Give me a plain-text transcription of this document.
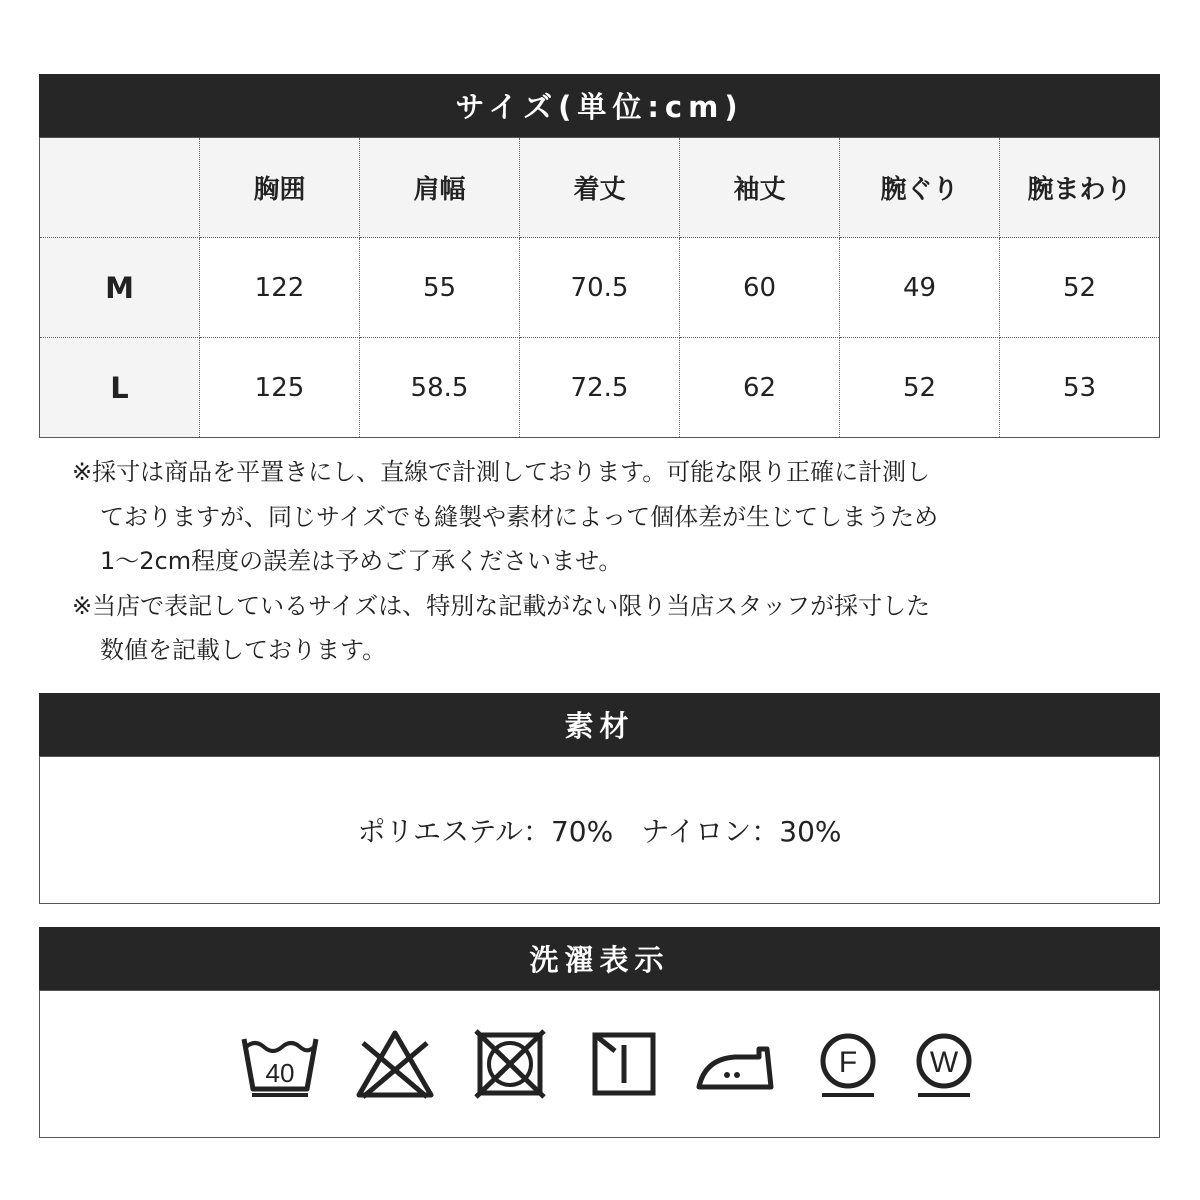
サイズ(単位:cm)
	胸囲	肩幅	着丈	袖丈	腕ぐり	腕まわり
M	122	55	70.5	60	49	52
L	125	58.5	72.5	62	52	53

※採寸は商品を平置きにし、直線で計測しております。可能な限り正確に計測し

ておりますが、同じサイズでも縫製や素材によって個体差が生じてしまうため

1〜2cm程度の誤差は予めご了承くださいませ。

※当店で表記しているサイズは、特別な記載がない限り当店スタッフが採寸した

数値を記載しております。

素材
ポリエステル：70%　ナイロン：30%
洗濯表示
40	F W
